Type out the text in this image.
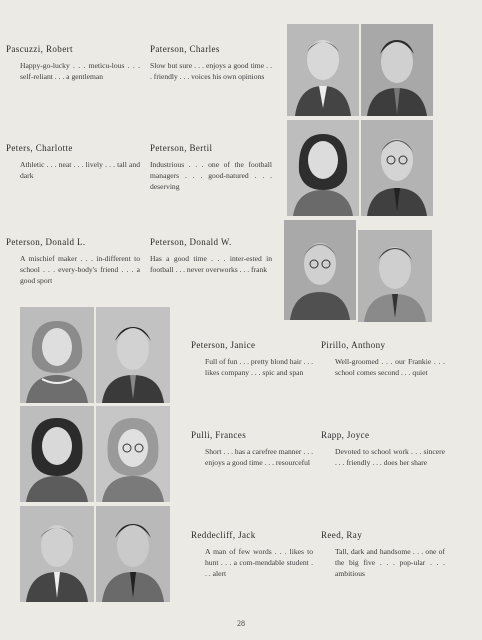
Pascuzzi, Robert
Happy-go-lucky . . . meticu-lous . . . self-reliant . . . a gentleman
Paterson, Charles
Slow but sure . . . enjoys a good time . . . friendly . . . voices his own opinions
Peters, Charlotte
Athletic . . . neat . . . lively . . . tall and dark
Peterson, Bertil
Industrious . . . one of the football managers . . . good-natured . . . deserving
Peterson, Donald L.
A mischief maker . . . in-different to school . . . every-body's friend . . . a good sport
Peterson, Donald W.
Has a good time . . . inter-ested in football . . . never overworks . . . frank
Peterson, Janice
Full of fun . . . pretty blond hair . . . likes company . . . spic and span
Pirillo, Anthony
Well-groomed . . . our Frankie . . . school comes second . . . quiet
Pulli, Frances
Short . . . has a carefree manner . . . enjoys a good time . . . resourceful
Rapp, Joyce
Devoted to school work . . . sincere . . . friendly . . . does her share
Reddecliff, Jack
A man of few words . . . likes to hunt . . . a com-mendable student . . . alert
Reed, Ray
Tall, dark and handsome . . . one of the big five . . . pop-ular . . . ambitious
28
